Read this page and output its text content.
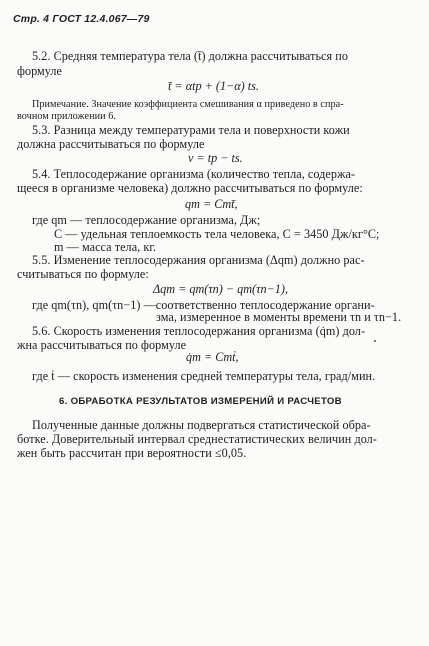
Стр. 4 ГОСТ 12.4.067—79
5.2. Средняя температура тела (t̄) должна рассчитываться по
формуле
t̄ = αtp + (1−α) ts.
Примечание. Значение коэффициента смешивания α приведено в спра-
вочном приложении 6.
5.3. Разница между температурами тела и поверхности кожи
должна рассчитываться по формуле
v = tp − ts.
5.4. Теплосодержание организма (количество тепла, содержа-
щееся в организме человека) должно рассчитываться по формуле:
qm = Cmt̄,
где qm — теплосодержание организма, Дж;
C — удельная теплоемкость тела человека, C = 3450 Дж/кг°С;
m — масса тела, кг.
5.5. Изменение теплосодержания организма (Δqm) должно рас-
считываться по формуле:
Δqm = qm(τn) − qm(τn−1),
где qm(τn), qm(τn−1) —соответственно теплосодержание органи-
зма, измеренное в моменты времени τn и τn−1.
5.6. Скорость изменения теплосодержания организма (q̇m) дол-
жна рассчитываться по формуле
q̇m = Cmṫ,
где ṫ — скорость изменения средней температуры тела, град/мин.
6. ОБРАБОТКА РЕЗУЛЬТАТОВ ИЗМЕРЕНИЙ И РАСЧЕТОВ
Полученные данные должны подвергаться статистической обра-
ботке. Доверительный интервал среднестатистических величин дол-
жен быть рассчитан при вероятности ≤0,05.
